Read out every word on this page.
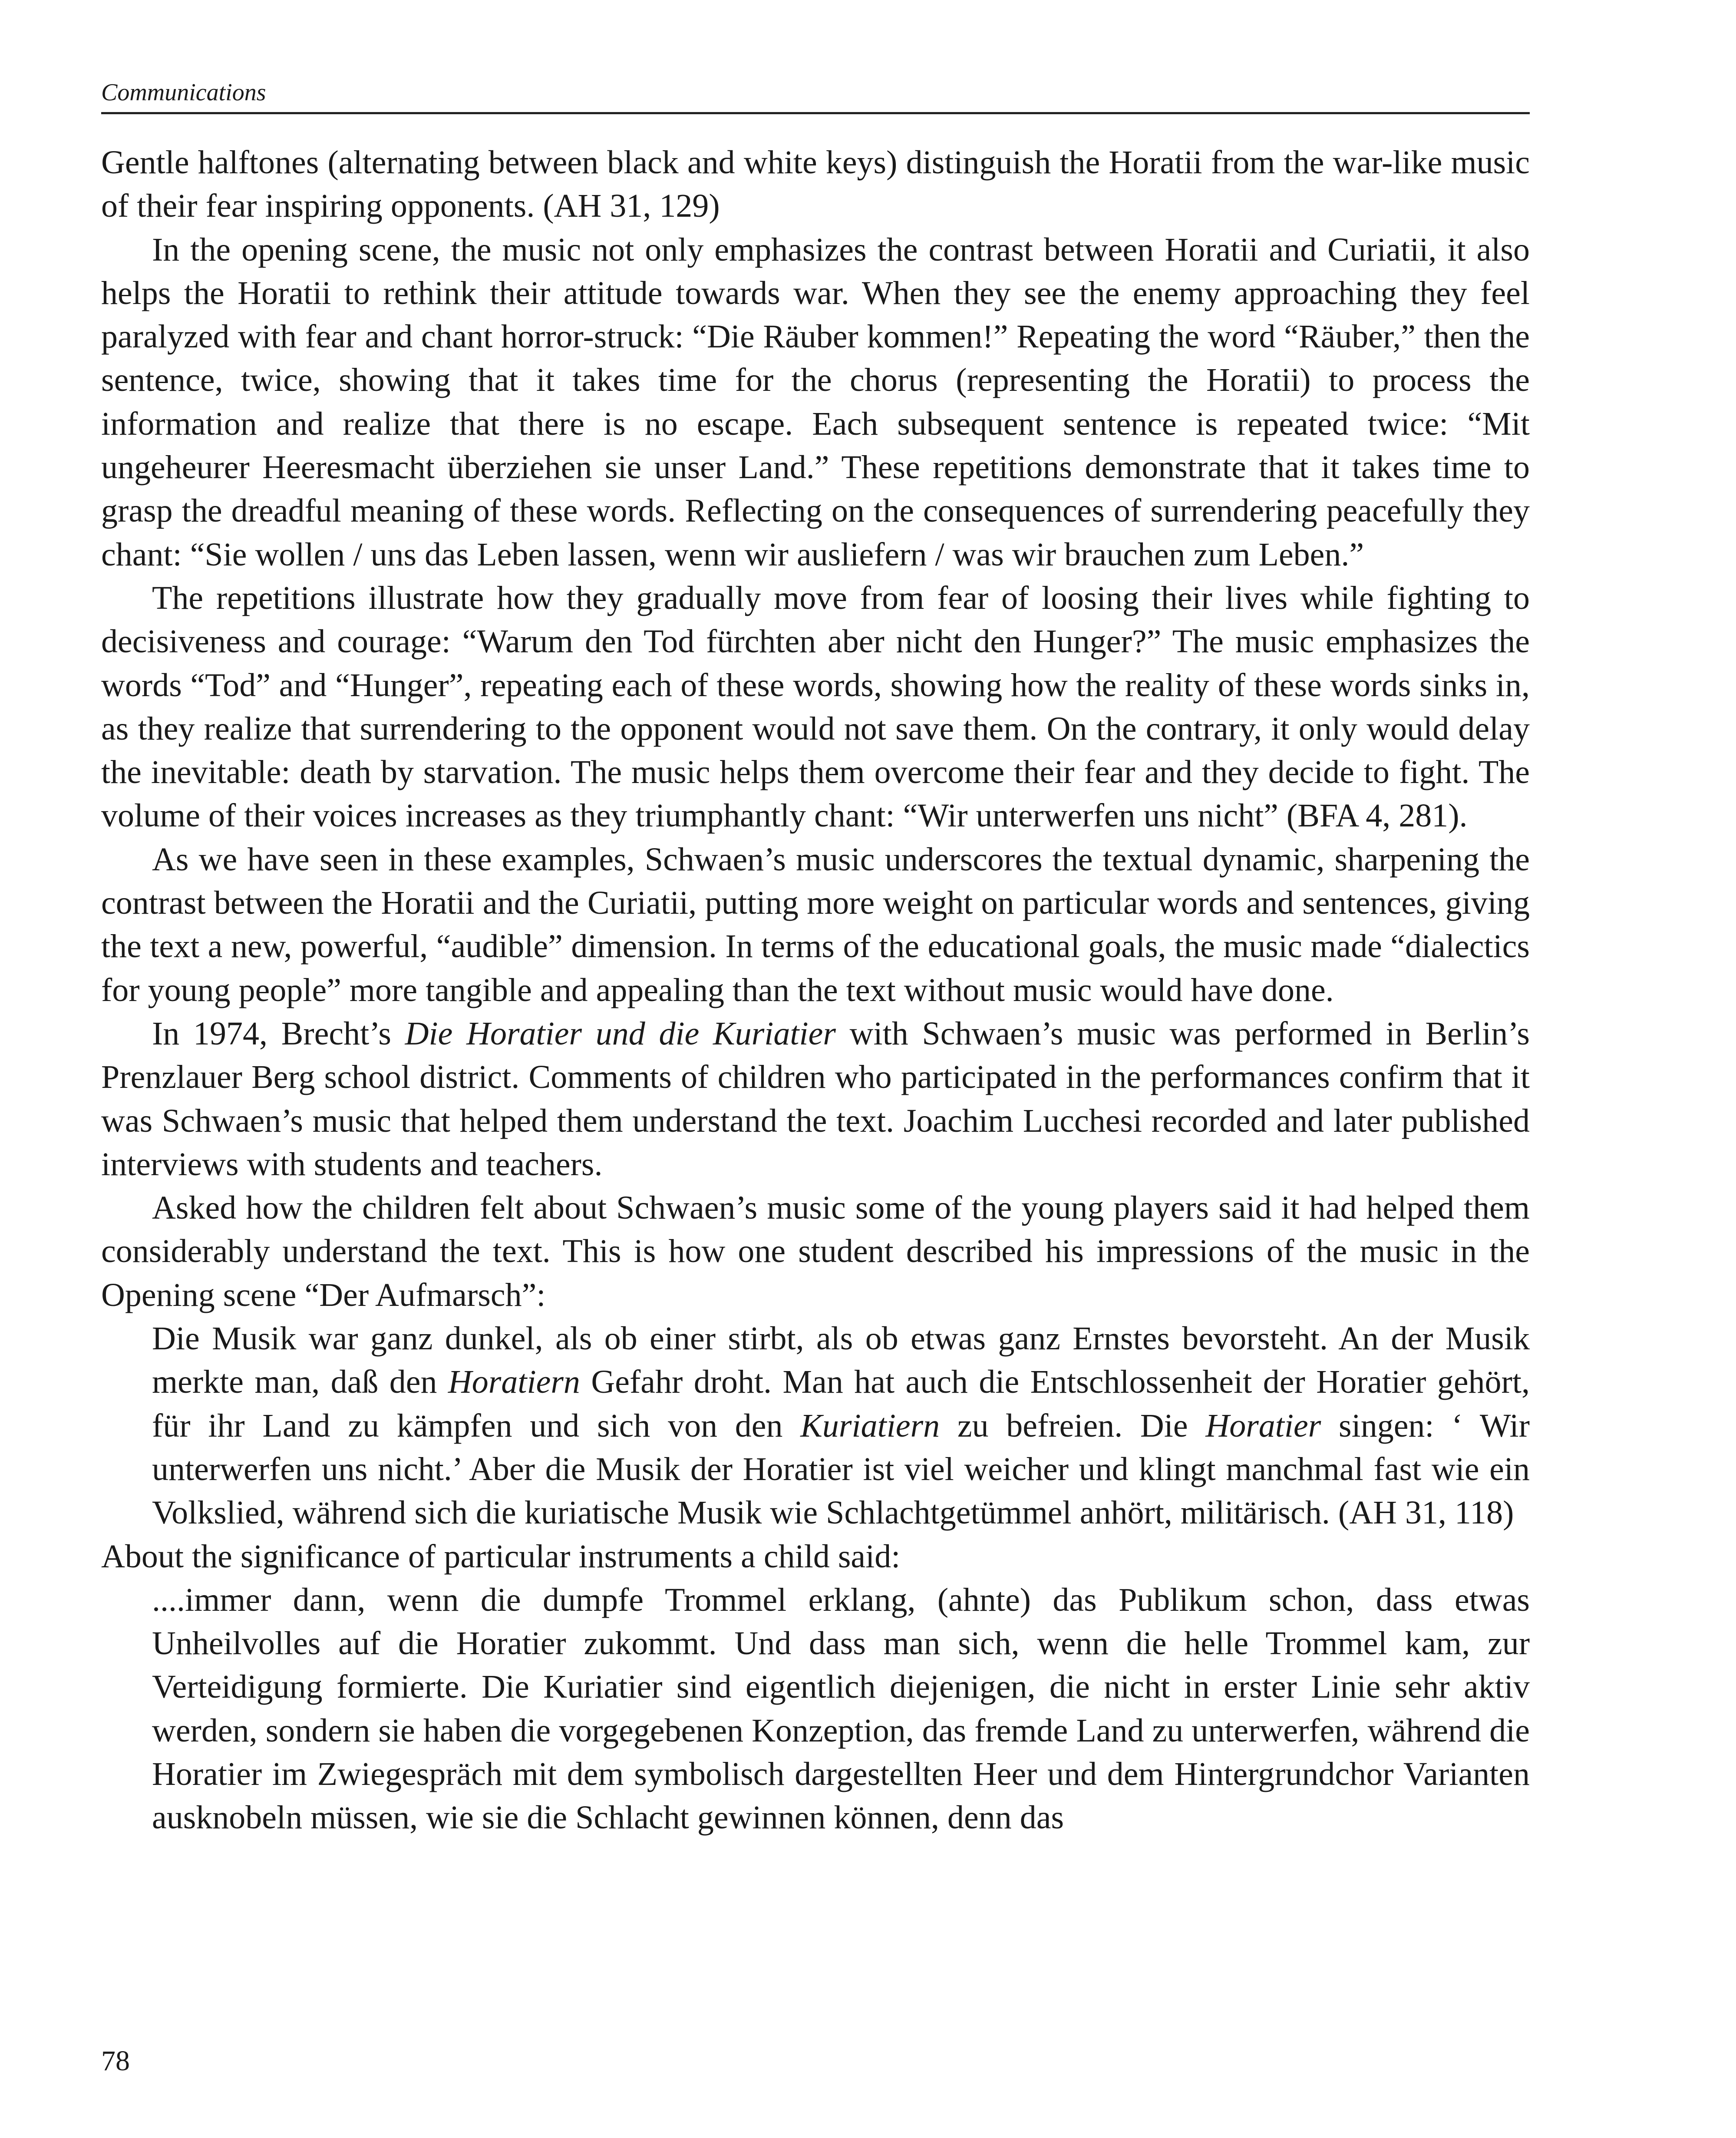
Communications

Gentle halftones (alternating between black and white keys) distinguish the Horatii from the war-like music of their fear inspiring opponents. (AH 31, 129)

In the opening scene, the music not only emphasizes the contrast between Horatii and Curiatii, it also helps the Horatii to rethink their attitude towards war. When they see the enemy approaching they feel paralyzed with fear and chant horror-struck: “Die Räuber kommen!” Repeating the word “Räuber,” then the sentence, twice, showing that it takes time for the chorus (representing the Horatii) to process the information and realize that there is no escape. Each subsequent sentence is repeated twice: “Mit ungeheurer Heeresmacht überziehen sie unser Land.” These repetitions demonstrate that it takes time to grasp the dreadful meaning of these words. Reflecting on the consequences of surrendering peacefully they chant: “Sie wollen / uns das Leben lassen, wenn wir ausliefern / was wir brauchen zum Leben.”

The repetitions illustrate how they gradually move from fear of loosing their lives while fighting to decisiveness and courage: “Warum den Tod fürchten aber nicht den Hunger?” The music emphasizes the words “Tod” and “Hunger”, repeating each of these words, showing how the reality of these words sinks in, as they realize that surrendering to the opponent would not save them. On the contrary, it only would delay the inevitable: death by starvation. The music helps them overcome their fear and they decide to fight. The volume of their voices increases as they triumphantly chant: “Wir unterwerfen uns nicht” (BFA 4, 281).

As we have seen in these examples, Schwaen’s music underscores the textual dynamic, sharpening the contrast between the Horatii and the Curiatii, putting more weight on particular words and sentences, giving the text a new, powerful, “audible” dimension. In terms of the educational goals, the music made “dialectics for young people” more tangible and appealing than the text without music would have done.

In 1974, Brecht’s Die Horatier und die Kuriatier with Schwaen’s music was performed in Berlin’s Prenzlauer Berg school district. Comments of children who participated in the performances confirm that it was Schwaen’s music that helped them understand the text. Joachim Lucchesi recorded and later published interviews with students and teachers.

Asked how the children felt about Schwaen’s music some of the young players said it had helped them considerably understand the text. This is how one student described his impressions of the music in the Opening scene “Der Aufmarsch”:

Die Musik war ganz dunkel, als ob einer stirbt, als ob etwas ganz Ernstes bevorsteht. An der Musik merkte man, daß den Horatiern Gefahr droht. Man hat auch die Entschlossenheit der Horatier gehört, für ihr Land zu kämpfen und sich von den Kuriatiern zu befreien. Die Horatier singen: ‘ Wir unterwerfen uns nicht.’ Aber die Musik der Horatier ist viel weicher und klingt manchmal fast wie ein Volkslied, während sich die kuriatische Musik wie Schlachtgetümmel anhört, militärisch. (AH 31, 118)

About the significance of particular instruments a child said:

....immer dann, wenn die dumpfe Trommel erklang, (ahnte) das Publikum schon, dass etwas Unheilvolles auf die Horatier zukommt. Und dass man sich, wenn die helle Trommel kam, zur Verteidigung formierte. Die Kuriatier sind eigentlich diejenigen, die nicht in erster Linie sehr aktiv werden, sondern sie haben die vorgegebenen Konzeption, das fremde Land zu unterwerfen, während die Horatier im Zwiegespräch mit dem symbolisch dargestellten Heer und dem Hintergrundchor Varianten ausknobeln müssen, wie sie die Schlacht gewinnen können, denn das
78
